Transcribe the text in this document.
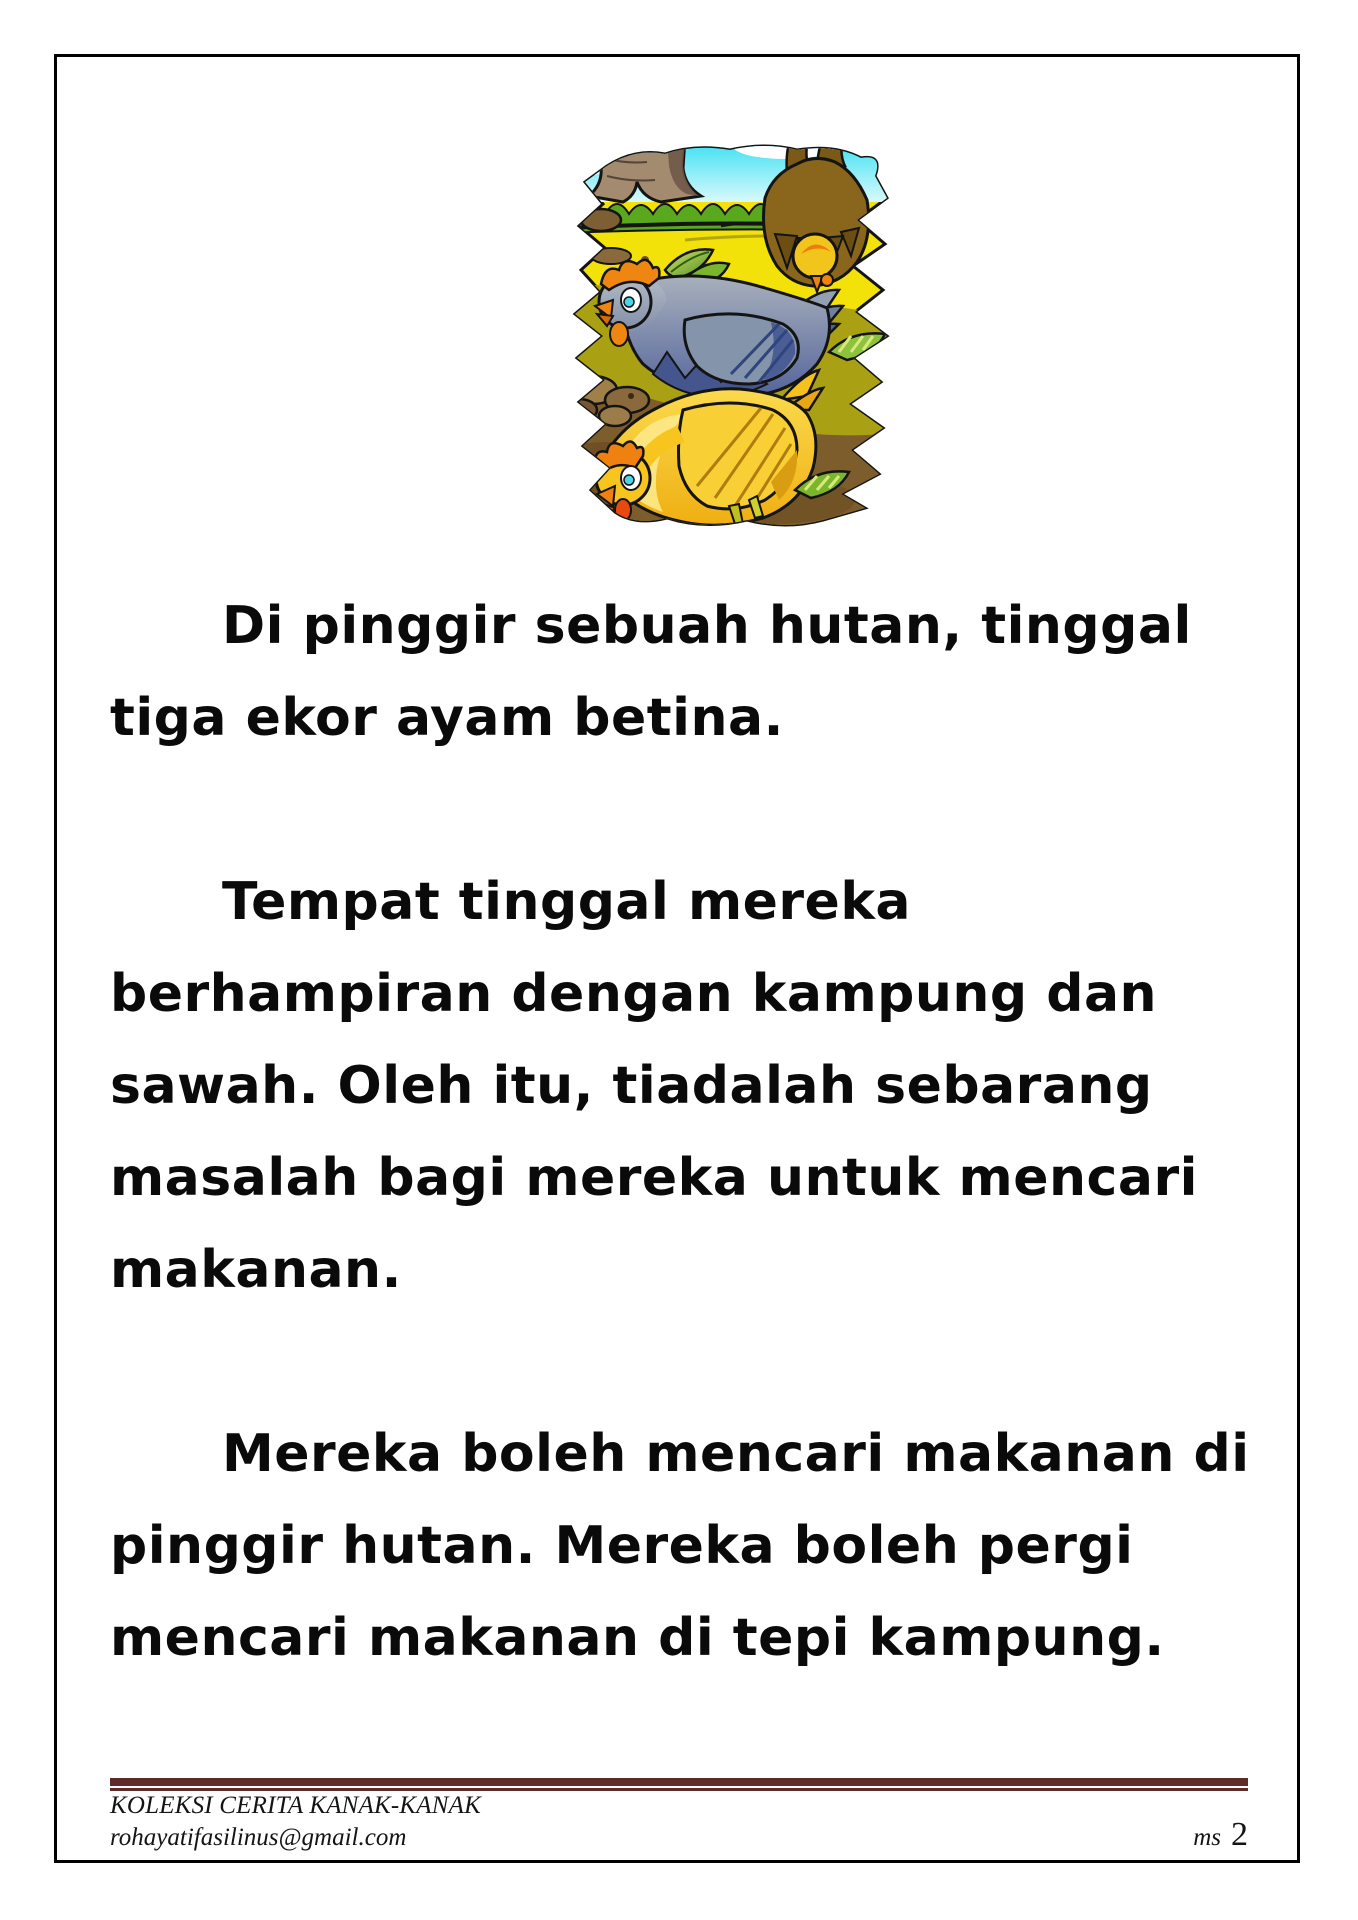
Di pinggir sebuah hutan, tinggal
tiga ekor ayam betina.

Tempat tinggal mereka
berhampiran dengan kampung dan
sawah. Oleh itu, tiadalah sebarang
masalah bagi mereka untuk mencari
makanan.

Mereka boleh mencari makanan di
pinggir hutan. Mereka boleh pergi
mencari makanan di tepi kampung.

KOLEKSI CERITA KANAK-KANAK
rohayatifasilinus@gmail.com	ms 2
